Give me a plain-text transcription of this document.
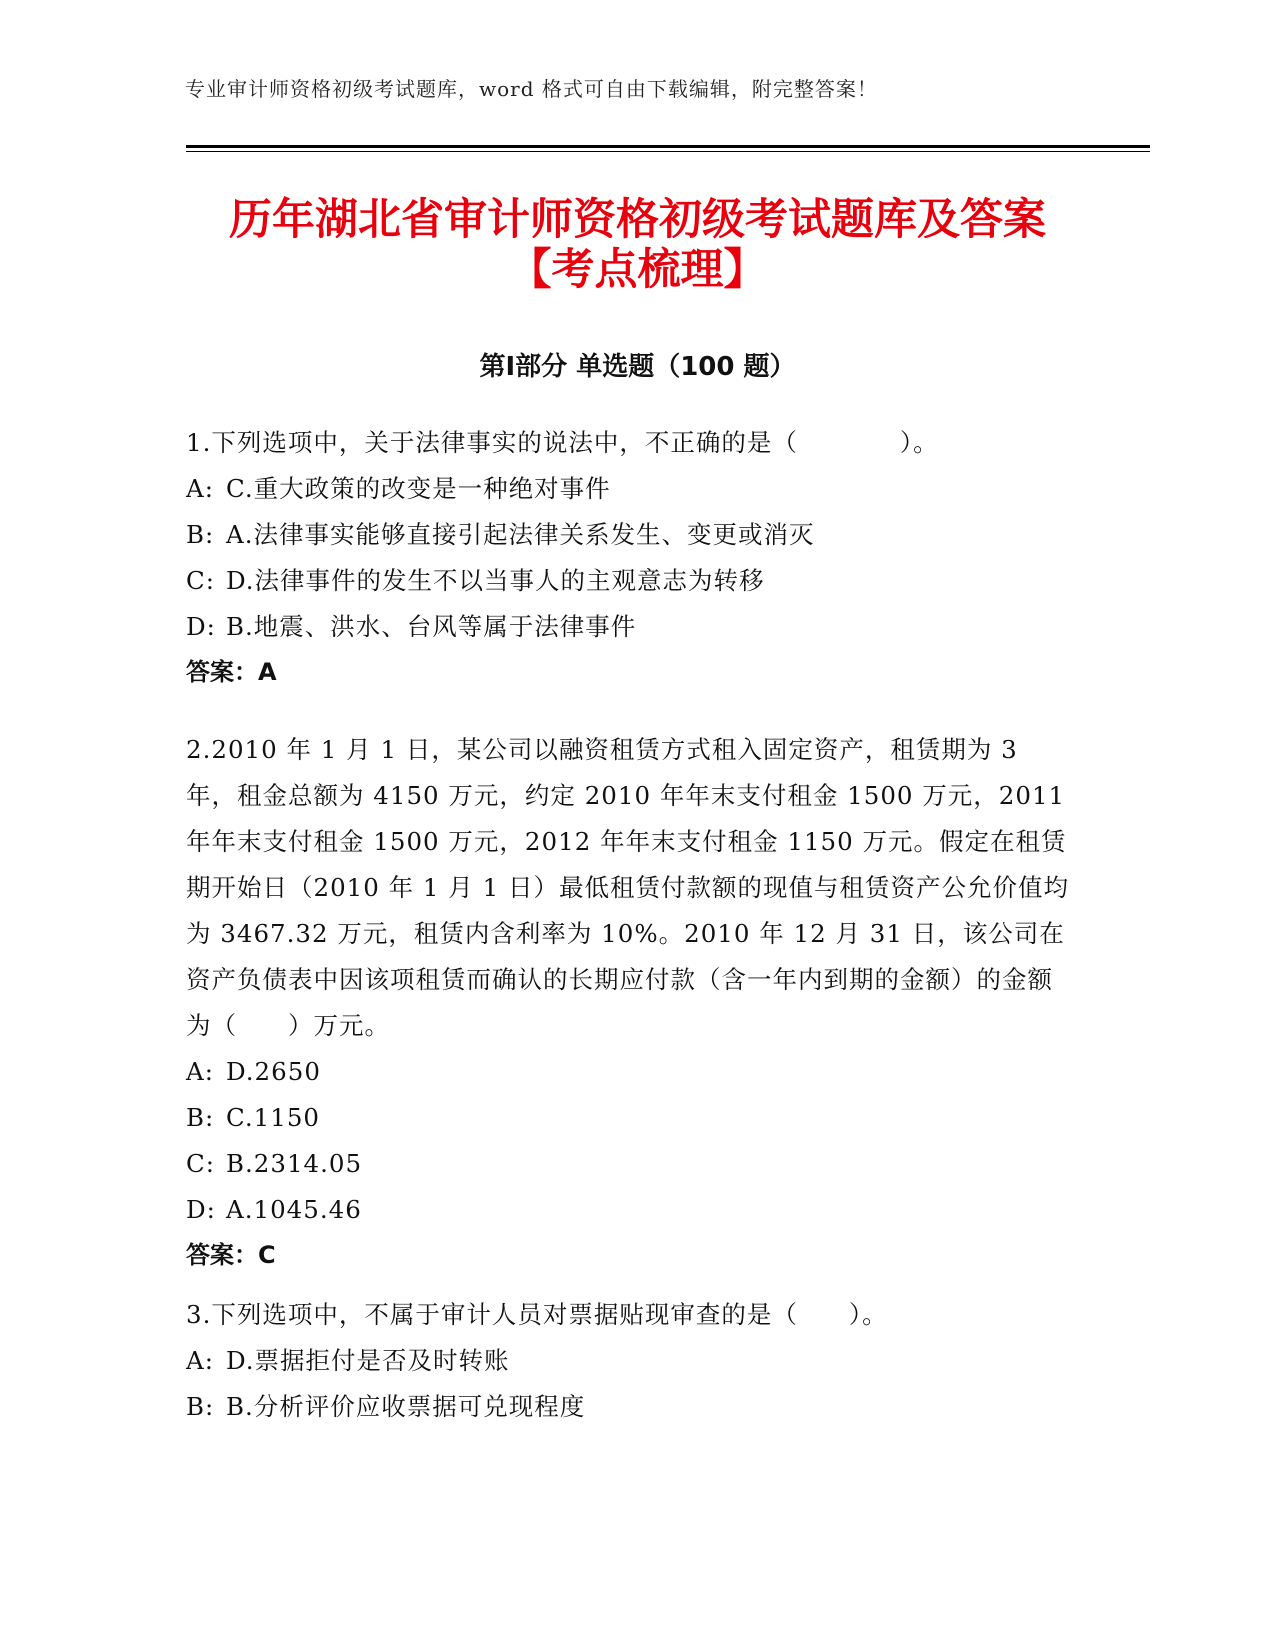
专业审计师资格初级考试题库，word 格式可自由下载编辑，附完整答案！
历年湖北省审计师资格初级考试题库及答案
【考点梳理】
第Ⅰ部分 单选题（100 题）
1.下列选项中，关于法律事实的说法中，不正确的是（　　　　）。
A: C.重大政策的改变是一种绝对事件
B: A.法律事实能够直接引起法律关系发生、变更或消灭
C: D.法律事件的发生不以当事人的主观意志为转移
D: B.地震、洪水、台风等属于法律事件
答案：A
2.2010 年 1 月 1 日，某公司以融资租赁方式租入固定资产，租赁期为 3 年，租金总额为 4150 万元，约定 2010 年年末支付租金 1500 万元，2011 年年末支付租金 1500 万元，2012 年年末支付租金 1150 万元。假定在租赁期开始日（2010 年 1 月 1 日）最低租赁付款额的现值与租赁资产公允价值均为 3467.32 万元，租赁内含利率为 10%。2010 年 12 月 31 日，该公司在资产负债表中因该项租赁而确认的长期应付款（含一年内到期的金额）的金额为（　　）万元。
A: D.2650
B: C.1150
C: B.2314.05
D: A.1045.46
答案：C
3.下列选项中，不属于审计人员对票据贴现审查的是（　　）。
A: D.票据拒付是否及时转账
B: B.分析评价应收票据可兑现程度
